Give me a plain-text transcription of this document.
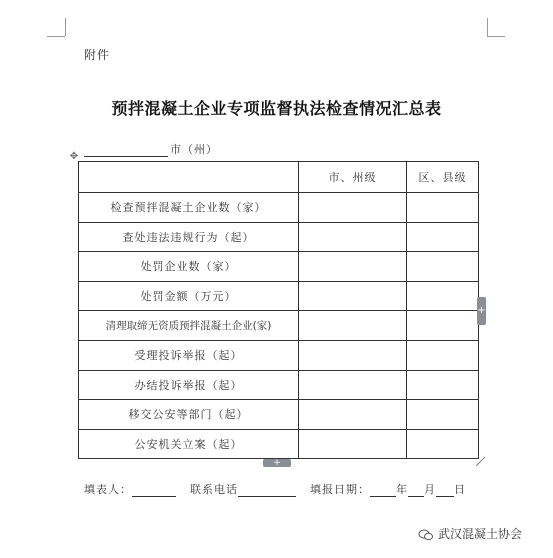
附件
预拌混凝土企业专项监督执法检查情况汇总表
✥
市（州）
	市、州级	区、县级
检查预拌混凝土企业数（家）		
查处违法违规行为（起）		
处罚企业数（家）		
处罚金额（万元）		
清理取缔无资质预拌混凝土企业(家)		
受理投诉举报（起）		
办结投诉举报（起）		
移交公安等部门（起）		
公安机关立案（起）		
+
+
填表人：	联系电话	填报日期： 年 月 日
武汉混凝土协会
